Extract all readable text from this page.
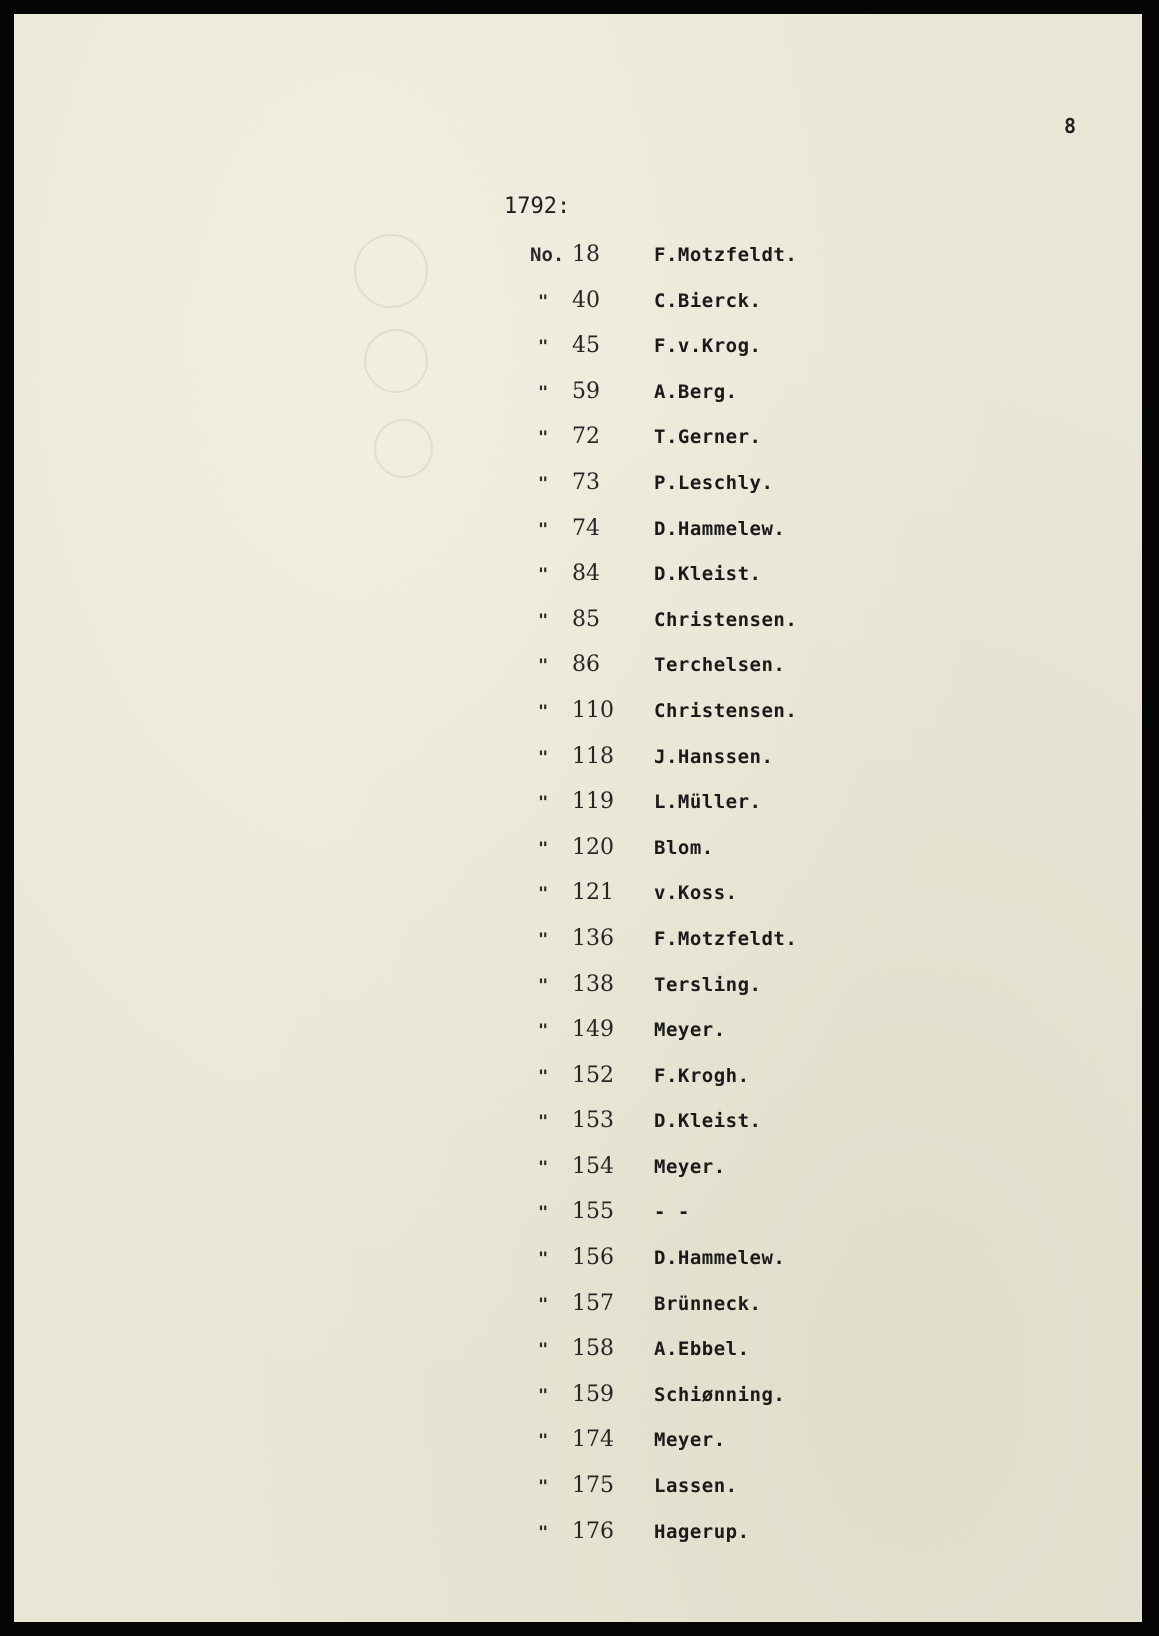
8
1792:
No. 18	F.Motzfeldt.
" 40	C.Bierck.
" 45	F.v.Krog.
" 59	A.Berg.
" 72	T.Gerner.
" 73	P.Leschly.
" 74	D.Hammelew.
" 84	D.Kleist.
" 85	Christensen.
" 86	Terchelsen.
" 110 Christensen.
" 118 J.Hanssen.
" 119 L.Müller.
" 120 Blom.
" 121 v.Koss.
" 136 F.Motzfeldt.
" 138 Tersling.
" 149 Meyer.
" 152 F.Krogh.
" 153 D.Kleist.
" 154 Meyer.
" 155 - -
" 156 D.Hammelew.
" 157 Brünneck.
" 158 A.Ebbel.
" 159 Schiønning.
" 174 Meyer.
" 175 Lassen.
" 176 Hagerup.
